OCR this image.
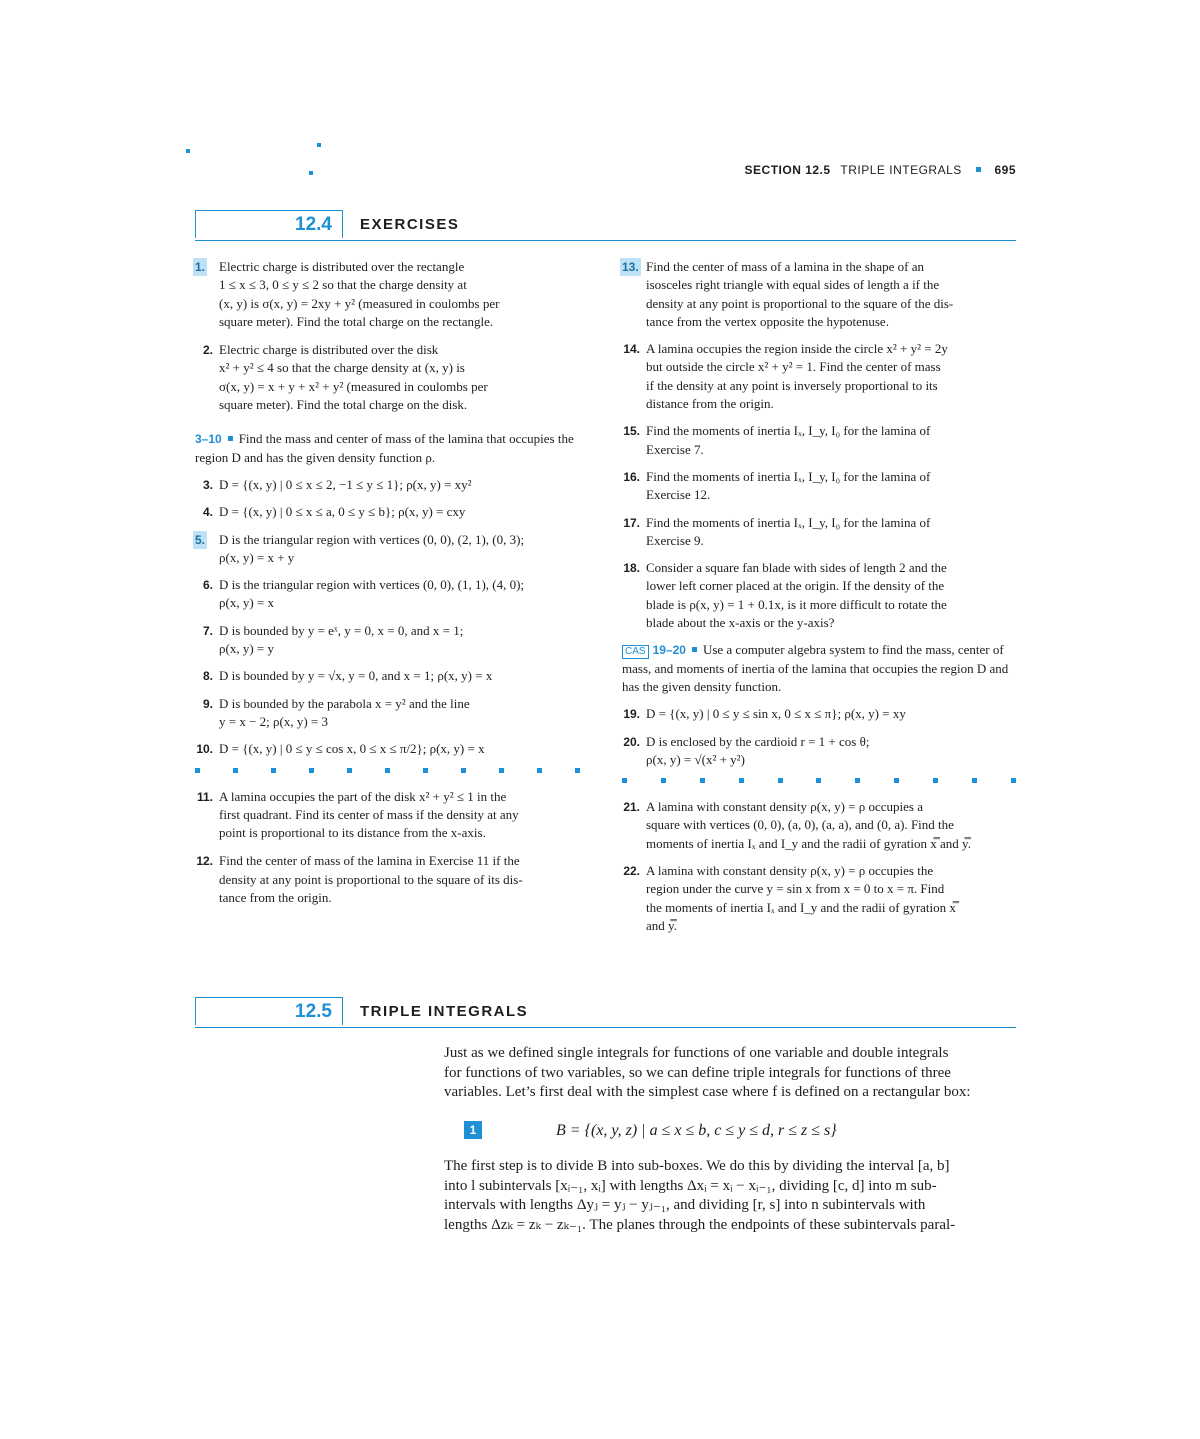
SECTION 12.5 TRIPLE INTEGRALS	695
12.4	EXERCISES
1. Electric charge is distributed over the rectangle
1 ≤ x ≤ 3, 0 ≤ y ≤ 2 so that the charge density at
(x, y) is σ(x, y) = 2xy + y² (measured in coulombs per
square meter). Find the total charge on the rectangle.
2. Electric charge is distributed over the disk
x² + y² ≤ 4 so that the charge density at (x, y) is
σ(x, y) = x + y + x² + y² (measured in coulombs per
square meter). Find the total charge on the disk.
3–10 Find the mass and center of mass of the lamina that occupies the region D and has the given density function ρ.
3. D = {(x, y) | 0 ≤ x ≤ 2, −1 ≤ y ≤ 1}; ρ(x, y) = xy²
4. D = {(x, y) | 0 ≤ x ≤ a, 0 ≤ y ≤ b}; ρ(x, y) = cxy
5. D is the triangular region with vertices (0, 0), (2, 1), (0, 3);
ρ(x, y) = x + y
6. D is the triangular region with vertices (0, 0), (1, 1), (4, 0);
ρ(x, y) = x
7. D is bounded by y = eˣ, y = 0, x = 0, and x = 1;
ρ(x, y) = y
8. D is bounded by y = √x, y = 0, and x = 1; ρ(x, y) = x
9. D is bounded by the parabola x = y² and the line
y = x − 2; ρ(x, y) = 3
10. D = {(x, y) | 0 ≤ y ≤ cos x, 0 ≤ x ≤ π/2}; ρ(x, y) = x
11. A lamina occupies the part of the disk x² + y² ≤ 1 in the
first quadrant. Find its center of mass if the density at any
point is proportional to its distance from the x-axis.
12. Find the center of mass of the lamina in Exercise 11 if the
density at any point is proportional to the square of its dis-
tance from the origin.
13. Find the center of mass of a lamina in the shape of an
isosceles right triangle with equal sides of length a if the
density at any point is proportional to the square of the dis-
tance from the vertex opposite the hypotenuse.
14. A lamina occupies the region inside the circle x² + y² = 2y
but outside the circle x² + y² = 1. Find the center of mass
if the density at any point is inversely proportional to its
distance from the origin.
15. Find the moments of inertia Iₓ, I_y, I₀ for the lamina of
Exercise 7.
16. Find the moments of inertia Iₓ, I_y, I₀ for the lamina of
Exercise 12.
17. Find the moments of inertia Iₓ, I_y, I₀ for the lamina of
Exercise 9.
18. Consider a square fan blade with sides of length 2 and the
lower left corner placed at the origin. If the density of the
blade is ρ(x, y) = 1 + 0.1x, is it more difficult to rotate the
blade about the x-axis or the y-axis?
CAS 19–20 Use a computer algebra system to find the mass, center of mass, and moments of inertia of the lamina that occupies the region D and has the given density function.
19. D = {(x, y) | 0 ≤ y ≤ sin x, 0 ≤ x ≤ π}; ρ(x, y) = xy
20. D is enclosed by the cardioid r = 1 + cos θ;
ρ(x, y) = √(x² + y²)
21. A lamina with constant density ρ(x, y) = ρ occupies a
square with vertices (0, 0), (a, 0), (a, a), and (0, a). Find the
moments of inertia Iₓ and I_y and the radii of gyration x̿ and y̿.
22. A lamina with constant density ρ(x, y) = ρ occupies the
region under the curve y = sin x from x = 0 to x = π. Find
the moments of inertia Iₓ and I_y and the radii of gyration x̿
and y̿.
12.5	TRIPLE INTEGRALS
Just as we defined single integrals for functions of one variable and double integrals
for functions of two variables, so we can define triple integrals for functions of three
variables. Let’s first deal with the simplest case where f is defined on a rectangular box:
1	B = {(x, y, z) | a ≤ x ≤ b, c ≤ y ≤ d, r ≤ z ≤ s}
The first step is to divide B into sub-boxes. We do this by dividing the interval [a, b]
into l subintervals [xᵢ₋₁, xᵢ] with lengths Δxᵢ = xᵢ − xᵢ₋₁, dividing [c, d] into m sub-
intervals with lengths Δyⱼ = yⱼ − yⱼ₋₁, and dividing [r, s] into n subintervals with
lengths Δzₖ = zₖ − zₖ₋₁. The planes through the endpoints of these subintervals paral-
